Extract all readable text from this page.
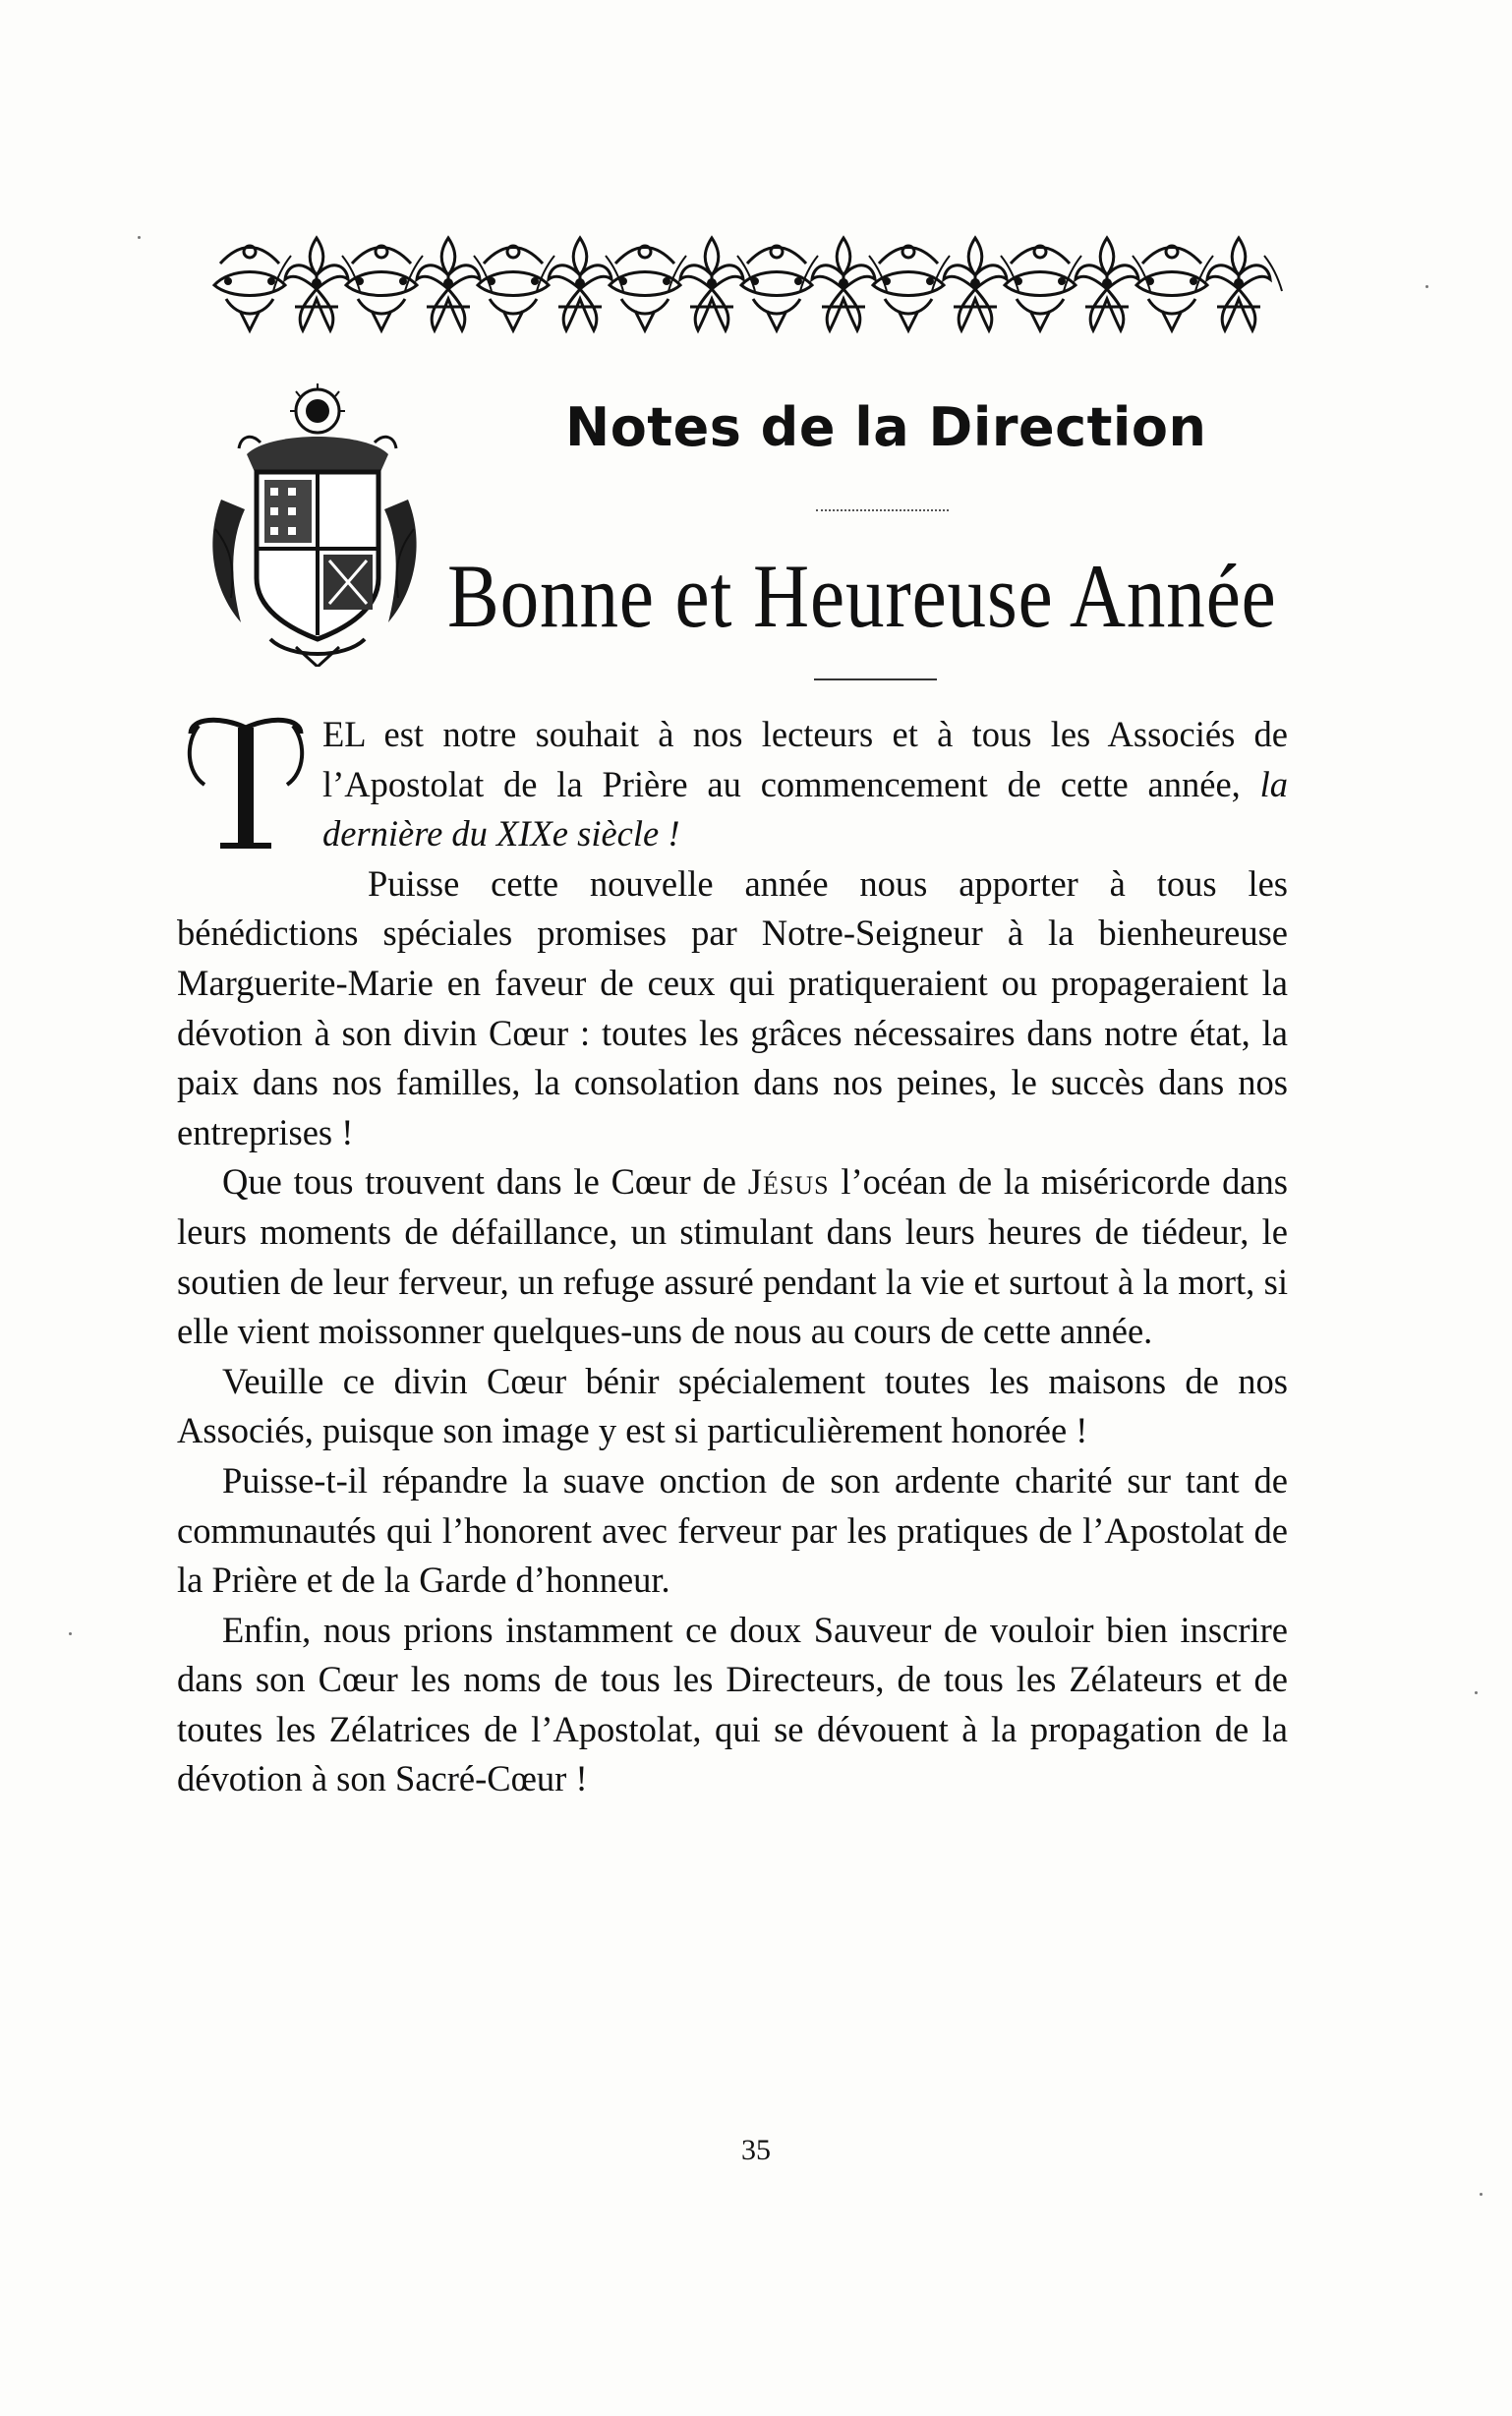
Notes de la Direction
Bonne et Heureuse Année
T

EL est notre souhait à nos lecteurs et à tous les Associés de l’Apostolat de la Prière au commencement de cette année, la dernière du XIXe siècle !

Puisse cette nouvelle année nous apporter à tous les bénédictions spéciales promises par Notre-Seigneur à la bienheureuse Marguerite-Marie en faveur de ceux qui pratiqueraient ou propageraient la dévotion à son divin Cœur : toutes les grâces nécessaires dans notre état, la paix dans nos familles, la consolation dans nos peines, le succès dans nos entreprises !

Que tous trouvent dans le Cœur de Jésus l’océan de la miséricorde dans leurs moments de défaillance, un stimulant dans leurs heures de tiédeur, le soutien de leur ferveur, un refuge assuré pendant la vie et surtout à la mort, si elle vient moissonner quelques-uns de nous au cours de cette année.

Veuille ce divin Cœur bénir spécialement toutes les maisons de nos Associés, puisque son image y est si particulièrement honorée !

Puisse-t-il répandre la suave onction de son ardente charité sur tant de communautés qui l’honorent avec ferveur par les pratiques de l’Apostolat de la Prière et de la Garde d’honneur.

Enfin, nous prions instamment ce doux Sauveur de vouloir bien inscrire dans son Cœur les noms de tous les Directeurs, de tous les Zélateurs et de toutes les Zélatrices de l’Apostolat, qui se dévouent à la propagation de la dévotion à son Sacré-Cœur !

35
